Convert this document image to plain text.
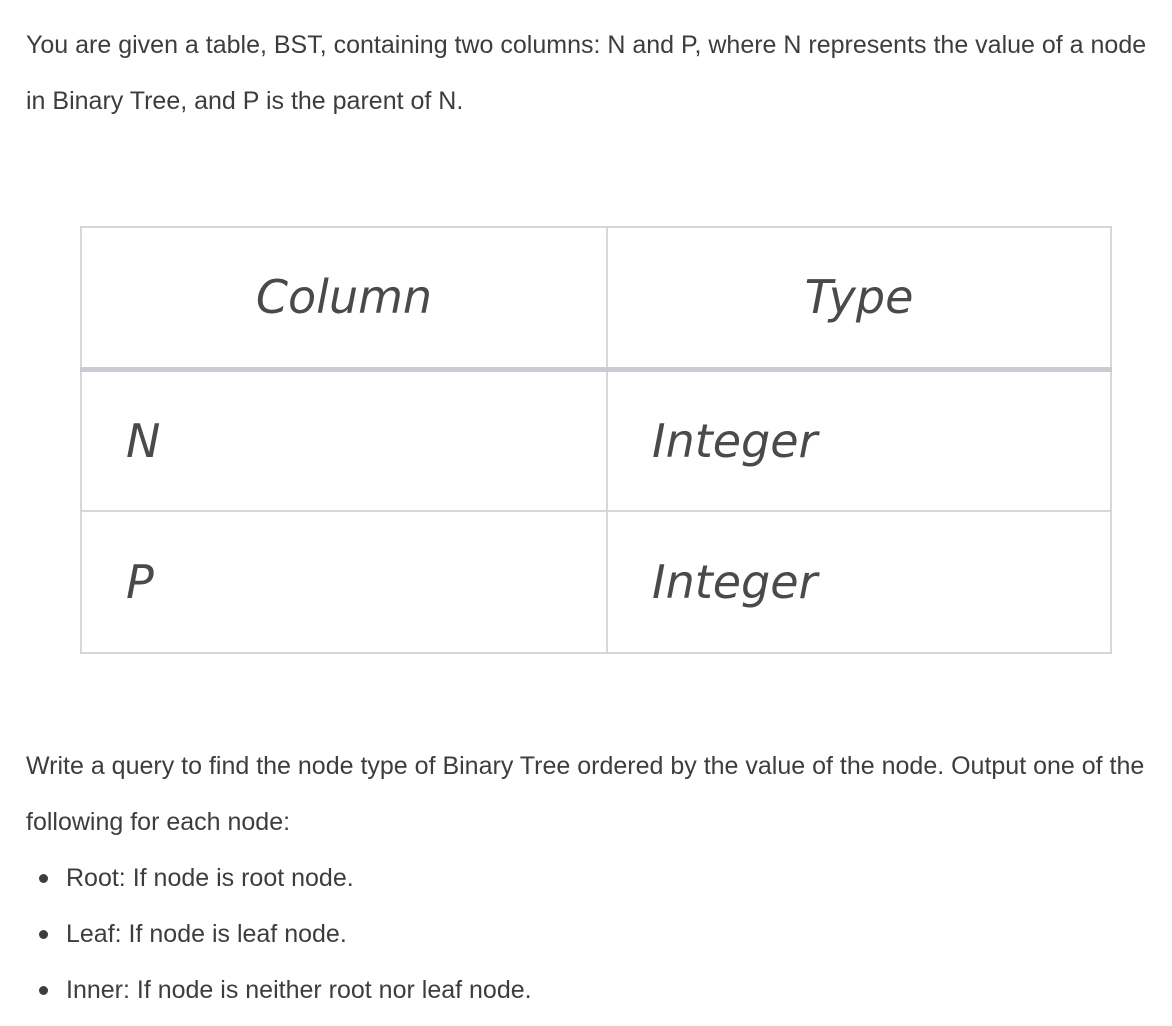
You are given a table, BST, containing two columns: N and P, where N represents the value of a node in Binary Tree, and P is the parent of N.

Column	Type
N	Integer
P	Integer

Write a query to find the node type of Binary Tree ordered by the value of the node. Output one of the following for each node:

Root: If node is root node.
Leaf: If node is leaf node.
Inner: If node is neither root nor leaf node.
